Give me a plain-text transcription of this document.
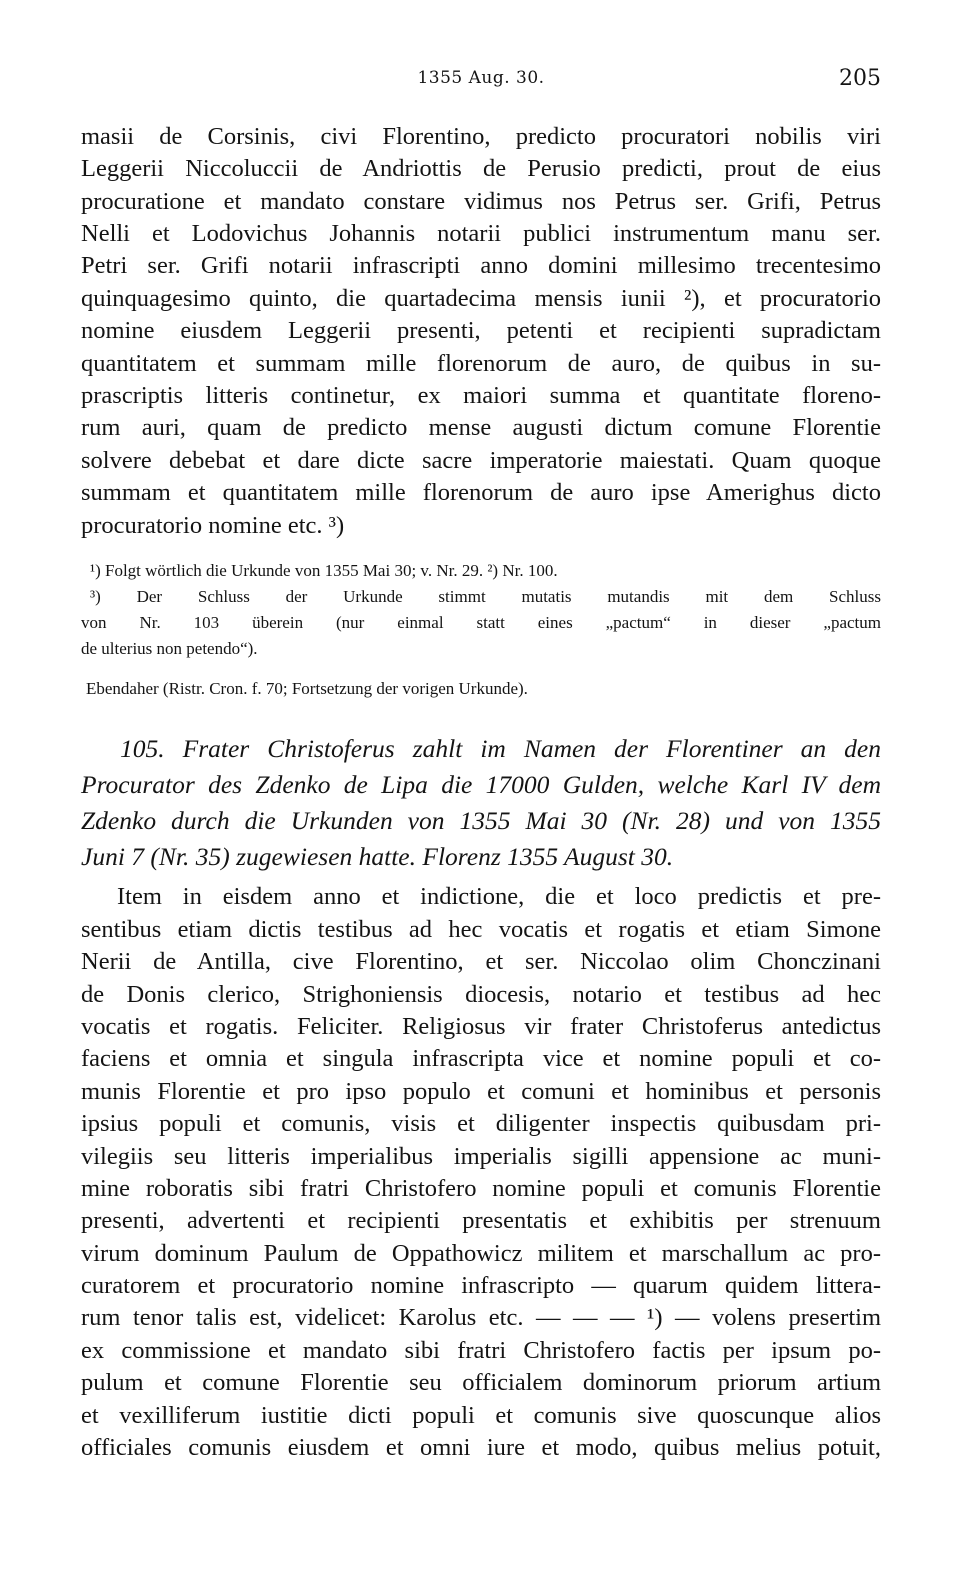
1355 Aug. 30.	205
masii de Corsinis, civi Florentino, predicto procuratori nobilis viri
Leggerii Niccoluccii de Andriottis de Perusio predicti, prout de eius
procuratione et mandato constare vidimus nos Petrus ser. Grifi, Petrus
Nelli et Lodovichus Johannis notarii publici instrumentum manu ser.
Petri ser. Grifi notarii infrascripti anno domini millesimo trecentesimo
quinquagesimo quinto, die quartadecima mensis iunii ²), et procuratorio
nomine eiusdem Leggerii presenti, petenti et recipienti supradictam
quantitatem et summam mille florenorum de auro, de quibus in su-
prascriptis litteris continetur, ex maiori summa et quantitate floreno-
rum auri, quam de predicto mense augusti dictum comune Florentie
solvere debebat et dare dicte sacre imperatorie maiestati. Quam quoque
summam et quantitatem mille florenorum de auro ipse Amerighus dicto
procuratorio nomine etc. ³)
¹) Folgt wörtlich die Urkunde von 1355 Mai 30; v. Nr. 29. ²) Nr. 100.
³) Der Schluss der Urkunde stimmt mutatis mutandis mit dem Schluss
von Nr. 103 überein (nur einmal statt eines „pactum“ in dieser „pactum
de ulterius non petendo“).
Ebendaher (Ristr. Cron. f. 70; Fortsetzung der vorigen Urkunde).
105. Frater Christoferus zahlt im Namen der Florentiner an den
Procurator des Zdenko de Lipa die 17000 Gulden, welche Karl IV dem
Zdenko durch die Urkunden von 1355 Mai 30 (Nr. 28) und von 1355
Juni 7 (Nr. 35) zugewiesen hatte. Florenz 1355 August 30.
Item in eisdem anno et indictione, die et loco predictis et pre-
sentibus etiam dictis testibus ad hec vocatis et rogatis et etiam Simone
Nerii de Antilla, cive Florentino, et ser. Niccolao olim Chonczinani
de Donis clerico, Strighoniensis diocesis, notario et testibus ad hec
vocatis et rogatis. Feliciter. Religiosus vir frater Christoferus antedictus
faciens et omnia et singula infrascripta vice et nomine populi et co-
munis Florentie et pro ipso populo et comuni et hominibus et personis
ipsius populi et comunis, visis et diligenter inspectis quibusdam pri-
vilegiis seu litteris imperialibus imperialis sigilli appensione ac muni-
mine roboratis sibi fratri Christofero nomine populi et comunis Florentie
presenti, advertenti et recipienti presentatis et exhibitis per strenuum
virum dominum Paulum de Oppathowicz militem et marschallum ac pro-
curatorem et procuratorio nomine infrascripto — quarum quidem littera-
rum tenor talis est, videlicet: Karolus etc. — — — ¹) — volens presertim
ex commissione et mandato sibi fratri Christofero factis per ipsum po-
pulum et comune Florentie seu officialem dominorum priorum artium
et vexilliferum iustitie dicti populi et comunis sive quoscunque alios
officiales comunis eiusdem et omni iure et modo, quibus melius potuit,
